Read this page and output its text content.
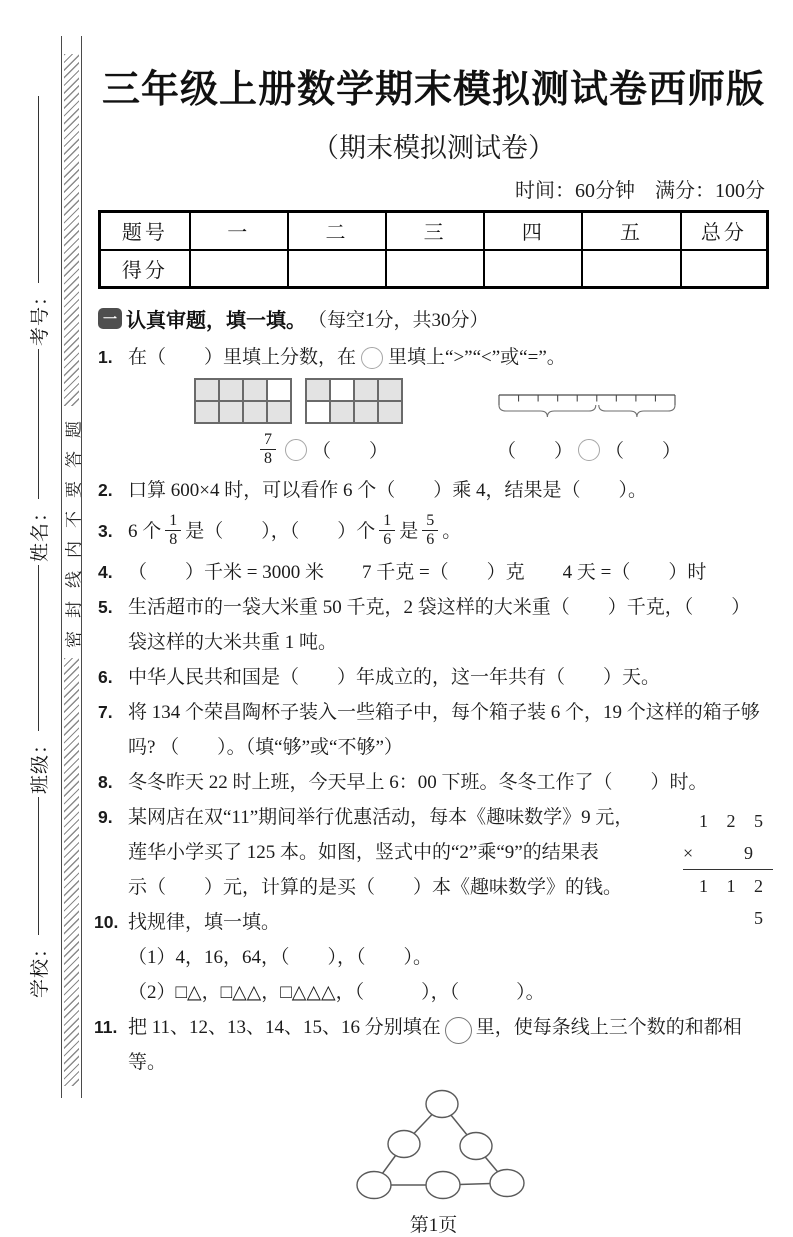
密封线内不要答题
学校：
班级：
姓名：
考号：
三年级上册数学期末模拟测试卷西师版
（期末模拟测试卷）
时间：60分钟　满分：100分
题号	一	二	三	四	五	总分
得分						
一 认真审题，填一填。 （每空1分，共30分）
1. 在（　　）里填上分数，在 里填上“>”“<”或“=”。
$\frac{7}{8}$ （　　）	（　　） （　　）
2. 口算 600×4 时，可以看作 6 个（　　）乘 4，结果是（　　）。
3. 6 个 $\frac{1}{8}$ 是（　　），（　　）个 $\frac{1}{6}$ 是 $\frac{5}{6}$ 。
4. （　　）千米 = 3000 米　　7 千克 =（　　）克　　4 天 =（　　）时
5. 生活超市的一袋大米重 50 千克，2 袋这样的大米重（　　）千克，（　　）
袋这样的大米共重 1 吨。
6. 中华人民共和国是（　　）年成立的，这一年共有（　　）天。
7. 将 134 个荣昌陶杯子装入一些箱子中，每个箱子装 6 个，19 个这样的箱子够
吗? （　　）。（填“够”或“不够”）
8. 冬冬昨天 22 时上班，今天早上 6：00 下班。冬冬工作了（　　）时。
9. 某网店在双“11”期间举行优惠活动，每本《趣味数学》9 元，
莲华小学买了 125 本。如图，竖式中的“2”乘“9”的结果表
示（　　）元，计算的是买（　　）本《趣味数学》的钱。
1 2 5
×	9
1 1 2 5
10. 找规律，填一填。
（1）4，16，64，（　　），（　　）。
（2）□△，□△△，□△△△，（　　　），（　　　）。
11. 把 11、12、13、14、15、16 分别填在 里，使每条线上三个数的和都相等。
第1页
